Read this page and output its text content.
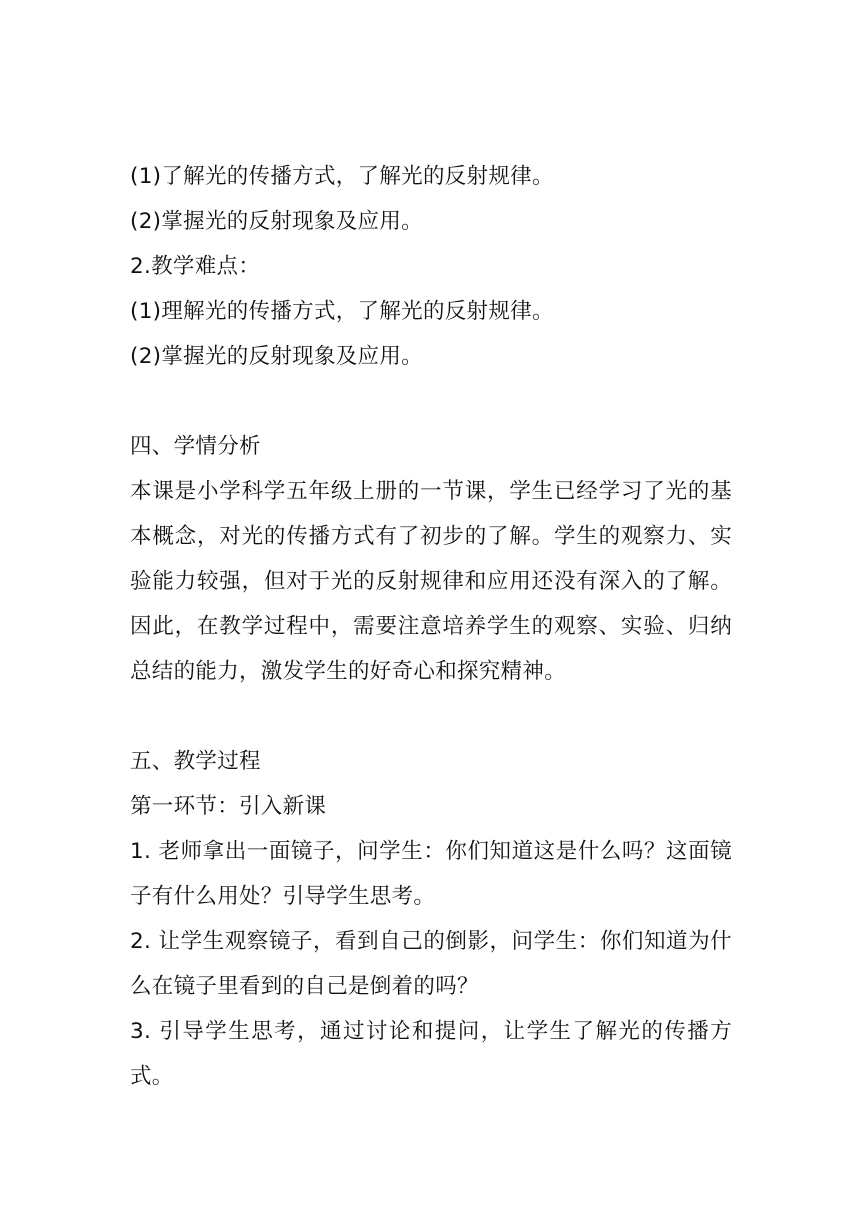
(1)了解光的传播方式，了解光的反射规律。
(2)掌握光的反射现象及应用。
2.教学难点：
(1)理解光的传播方式，了解光的反射规律。
(2)掌握光的反射现象及应用。
四、学情分析
本课是小学科学五年级上册的一节课，学生已经学习了光的基本概念，对光的传播方式有了初步的了解。学生的观察力、实验能力较强，但对于光的反射规律和应用还没有深入的了解。因此，在教学过程中，需要注意培养学生的观察、实验、归纳总结的能力，激发学生的好奇心和探究精神。
五、教学过程
第一环节：引入新课
1. 老师拿出一面镜子，问学生：你们知道这是什么吗？这面镜子有什么用处？引导学生思考。
2. 让学生观察镜子，看到自己的倒影，问学生：你们知道为什么在镜子里看到的自己是倒着的吗？
3. 引导学生思考，通过讨论和提问，让学生了解光的传播方式。
